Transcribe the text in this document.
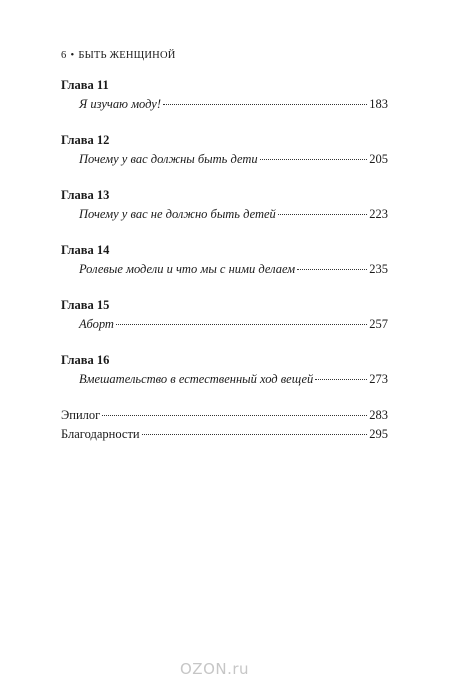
6 • БЫТЬ ЖЕНЩИНОЙ
Глава 11
Я изучаю моду!	183
Глава 12
Почему у вас должны быть дети	205
Глава 13
Почему у вас не должно быть детей	223
Глава 14
Ролевые модели и что мы с ними делаем	235
Глава 15
Аборт	257
Глава 16
Вмешательство в естественный ход вещей	273
Эпилог	283
Благодарности	295
OZON.ru
